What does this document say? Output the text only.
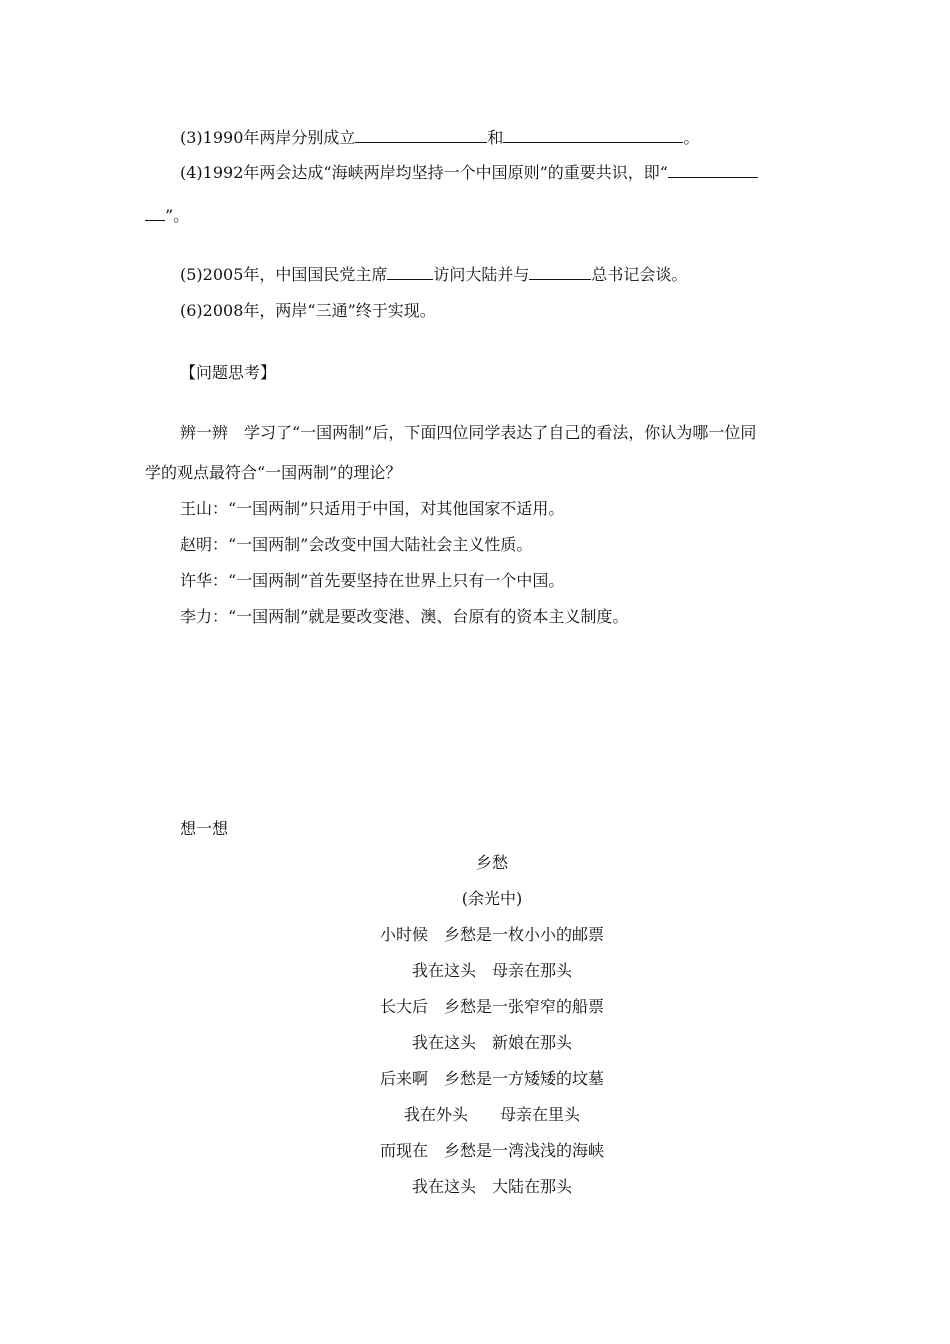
(3)1990年两岸分别成立	和	。
(4)1992年两会达成“海峡两岸均坚持一个中国原则”的重要共识，即“
”。
(5)2005年，中国国民党主席	访问大陆并与	总书记会谈。
(6)2008年，两岸“三通”终于实现。
【问题思考】
辨一辨　学习了“一国两制”后，下面四位同学表达了自己的看法，你认为哪一位同
学的观点最符合“一国两制”的理论？
王山：“一国两制”只适用于中国，对其他国家不适用。
赵明：“一国两制”会改变中国大陆社会主义性质。
许华：“一国两制”首先要坚持在世界上只有一个中国。
李力：“一国两制”就是要改变港、澳、台原有的资本主义制度。
想一想
乡愁
(余光中)
小时候　乡愁是一枚小小的邮票
我在这头　母亲在那头
长大后　乡愁是一张窄窄的船票
我在这头　新娘在那头
后来啊　乡愁是一方矮矮的坟墓
我在外头　　母亲在里头
而现在　乡愁是一湾浅浅的海峡
我在这头　大陆在那头
